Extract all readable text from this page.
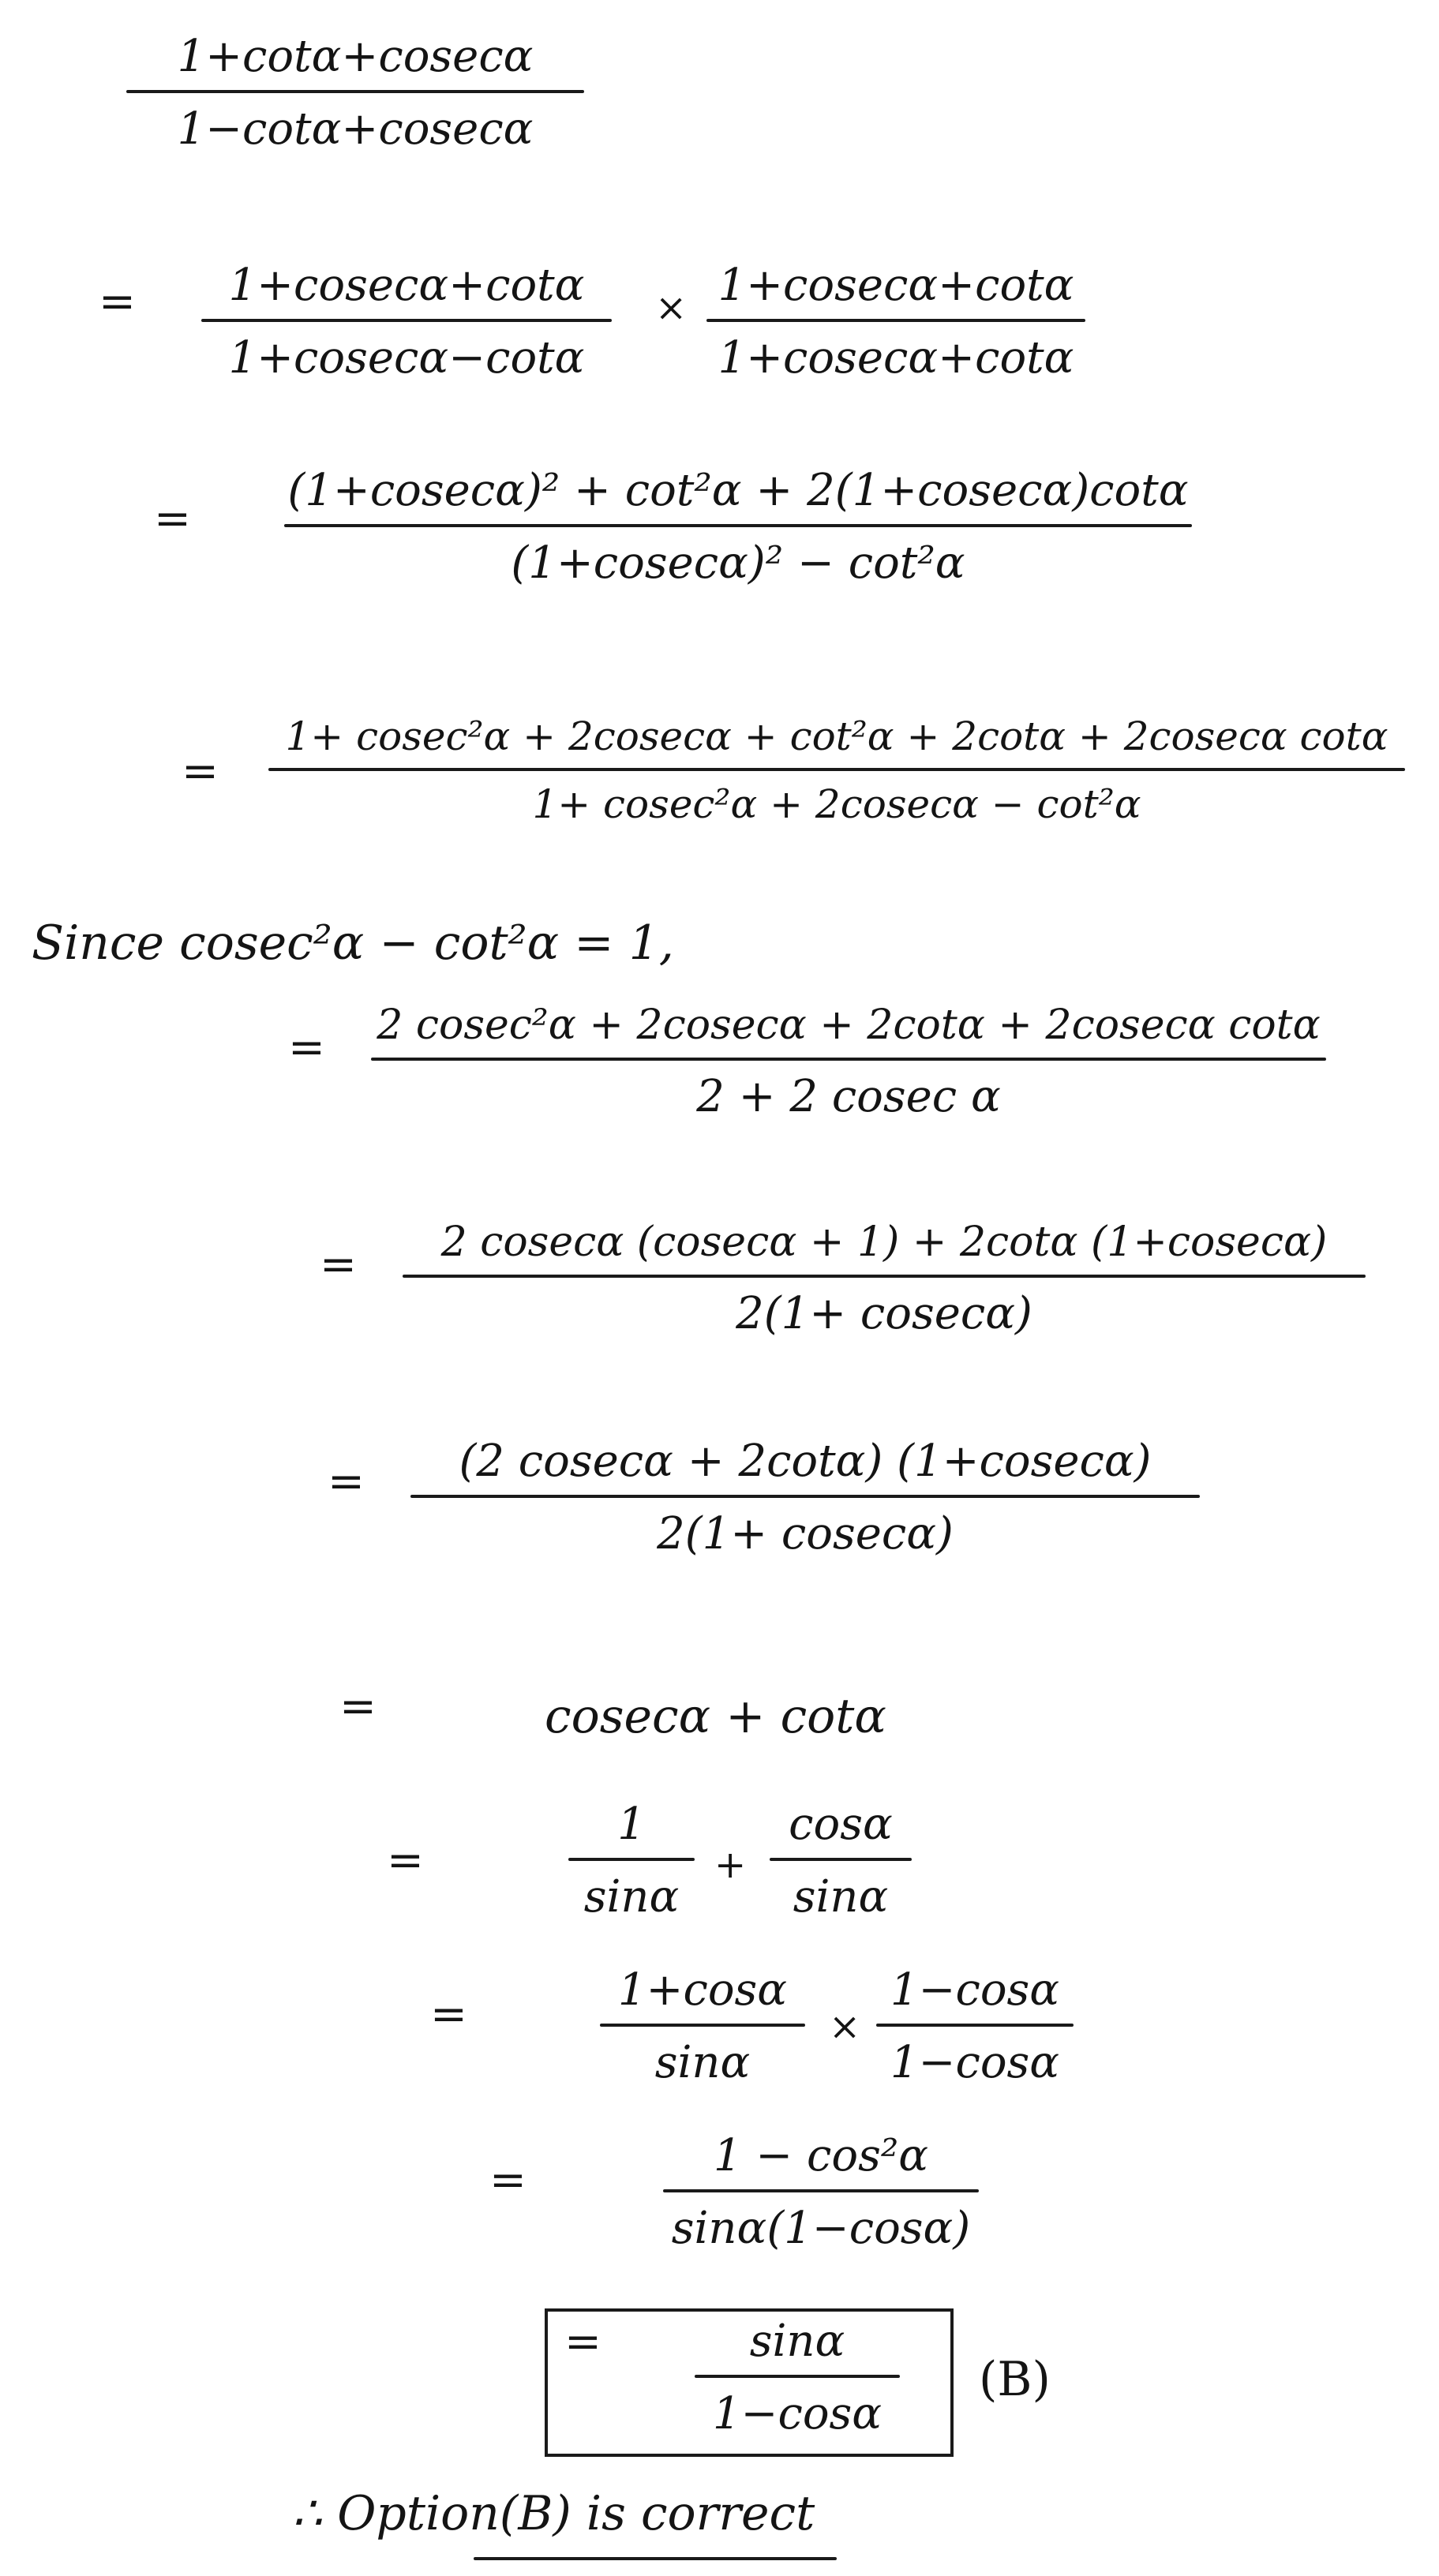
1+cotα+cosecα
1−cotα+cosecα
= 1+cosecα+cotα
1+cosecα−cotα
× 1+cosecα+cotα
1+cosecα+cotα
=
(1+cosecα)² + cot²α + 2(1+cosecα)cotα
(1+cosecα)² − cot²α
=
1+ cosec²α + 2cosecα + cot²α + 2cotα + 2cosecα cotα
1+ cosec²α + 2cosecα − cot²α
Since cosec²α − cot²α = 1,
= 2 cosec²α + 2cosecα + 2cotα + 2cosecα cotα
2 + 2 cosec α
= 2 cosecα (cosecα + 1) + 2cotα (1+cosecα)
2(1+ cosecα)
= (2 cosecα + 2cotα) (1+cosecα)
2(1+ cosecα)
=	cosecα + cotα
=
1
sinα
+
cosα
sinα
=	1+cosα
sinα
×
1−cosα
1−cosα
=	1 − cos²α
sinα(1−cosα)
=	sinα
1−cosα
(B)
∴ Option(B) is correct
